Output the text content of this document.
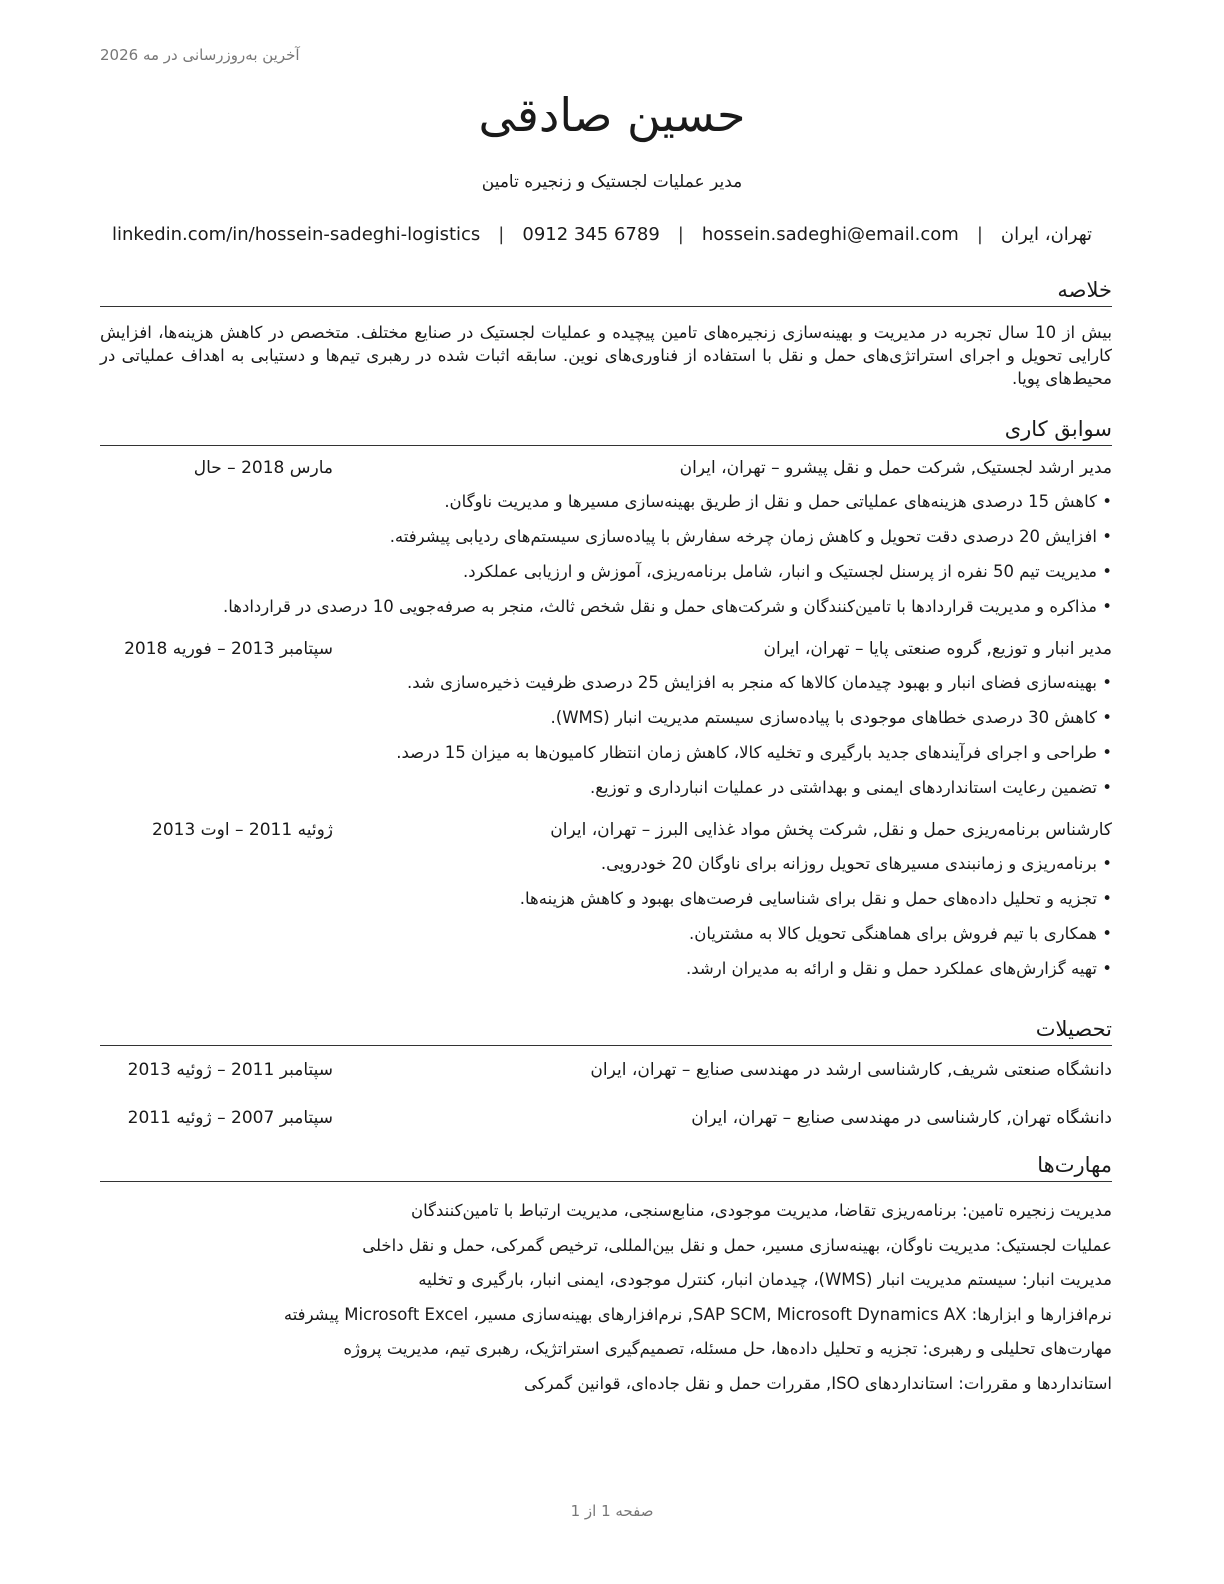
آخرین به‌روزرسانی در مه 2026
حسین صادقی
مدیر عملیات لجستیک و زنجیره تامین
تهران، ایران
|
hossein.sadeghi@email.com
|
0912 345 6789
|
linkedin.com/in/hossein-sadeghi-logistics
خلاصه
بیش از 10 سال تجربه در مدیریت و بهینه‌سازی زنجیره‌های تامین پیچیده و عملیات لجستیک در صنایع مختلف. متخصص در کاهش هزینه‌ها، افزایش کارایی تحویل و اجرای استراتژی‌های حمل و نقل با استفاده از فناوری‌های نوین. سابقه اثبات شده در رهبری تیم‌ها و دستیابی به اهداف عملیاتی در محیط‌های پویا.
سوابق کاری
مدیر ارشد لجستیک, شرکت حمل و نقل پیشرو – تهران، ایران
مارس 2018 – حال
• کاهش 15 درصدی هزینه‌های عملیاتی حمل و نقل از طریق بهینه‌سازی مسیرها و مدیریت ناوگان.
• افزایش 20 درصدی دقت تحویل و کاهش زمان چرخه سفارش با پیاده‌سازی سیستم‌های ردیابی پیشرفته.
• مدیریت تیم 50 نفره از پرسنل لجستیک و انبار، شامل برنامه‌ریزی، آموزش و ارزیابی عملکرد.
• مذاکره و مدیریت قراردادها با تامین‌کنندگان و شرکت‌های حمل و نقل شخص ثالث، منجر به صرفه‌جویی 10 درصدی در قراردادها.
مدیر انبار و توزیع, گروه صنعتی پایا – تهران، ایران
سپتامبر 2013 – فوریه 2018
• بهینه‌سازی فضای انبار و بهبود چیدمان کالاها که منجر به افزایش 25 درصدی ظرفیت ذخیره‌سازی شد.
• کاهش 30 درصدی خطاهای موجودی با پیاده‌سازی سیستم مدیریت انبار (WMS).
• طراحی و اجرای فرآیندهای جدید بارگیری و تخلیه کالا، کاهش زمان انتظار کامیون‌ها به میزان 15 درصد.
• تضمین رعایت استانداردهای ایمنی و بهداشتی در عملیات انبارداری و توزیع.
کارشناس برنامه‌ریزی حمل و نقل, شرکت پخش مواد غذایی البرز – تهران، ایران
ژوئیه 2011 – اوت 2013
• برنامه‌ریزی و زمانبندی مسیرهای تحویل روزانه برای ناوگان 20 خودرویی.
• تجزیه و تحلیل داده‌های حمل و نقل برای شناسایی فرصت‌های بهبود و کاهش هزینه‌ها.
• همکاری با تیم فروش برای هماهنگی تحویل کالا به مشتریان.
• تهیه گزارش‌های عملکرد حمل و نقل و ارائه به مدیران ارشد.
تحصیلات
دانشگاه صنعتی شریف, کارشناسی ارشد در مهندسی صنایع – تهران، ایران
سپتامبر 2011 – ژوئیه 2013
دانشگاه تهران, کارشناسی در مهندسی صنایع – تهران، ایران
سپتامبر 2007 – ژوئیه 2011
مهارت‌ها
مدیریت زنجیره تامین: برنامه‌ریزی تقاضا، مدیریت موجودی، منابع‌سنجی، مدیریت ارتباط با تامین‌کنندگان
عملیات لجستیک: مدیریت ناوگان، بهینه‌سازی مسیر، حمل و نقل بین‌المللی، ترخیص گمرکی، حمل و نقل داخلی
مدیریت انبار: سیستم مدیریت انبار (WMS)، چیدمان انبار، کنترل موجودی، ایمنی انبار، بارگیری و تخلیه
نرم‌افزارها و ابزارها: SAP SCM, Microsoft Dynamics AX, نرم‌افزارهای بهینه‌سازی مسیر، Microsoft Excel پیشرفته
مهارت‌های تحلیلی و رهبری: تجزیه و تحلیل داده‌ها، حل مسئله، تصمیم‌گیری استراتژیک، رهبری تیم، مدیریت پروژه
استانداردها و مقررات: استانداردهای ISO, مقررات حمل و نقل جاده‌ای، قوانین گمرکی
صفحه 1 از 1
